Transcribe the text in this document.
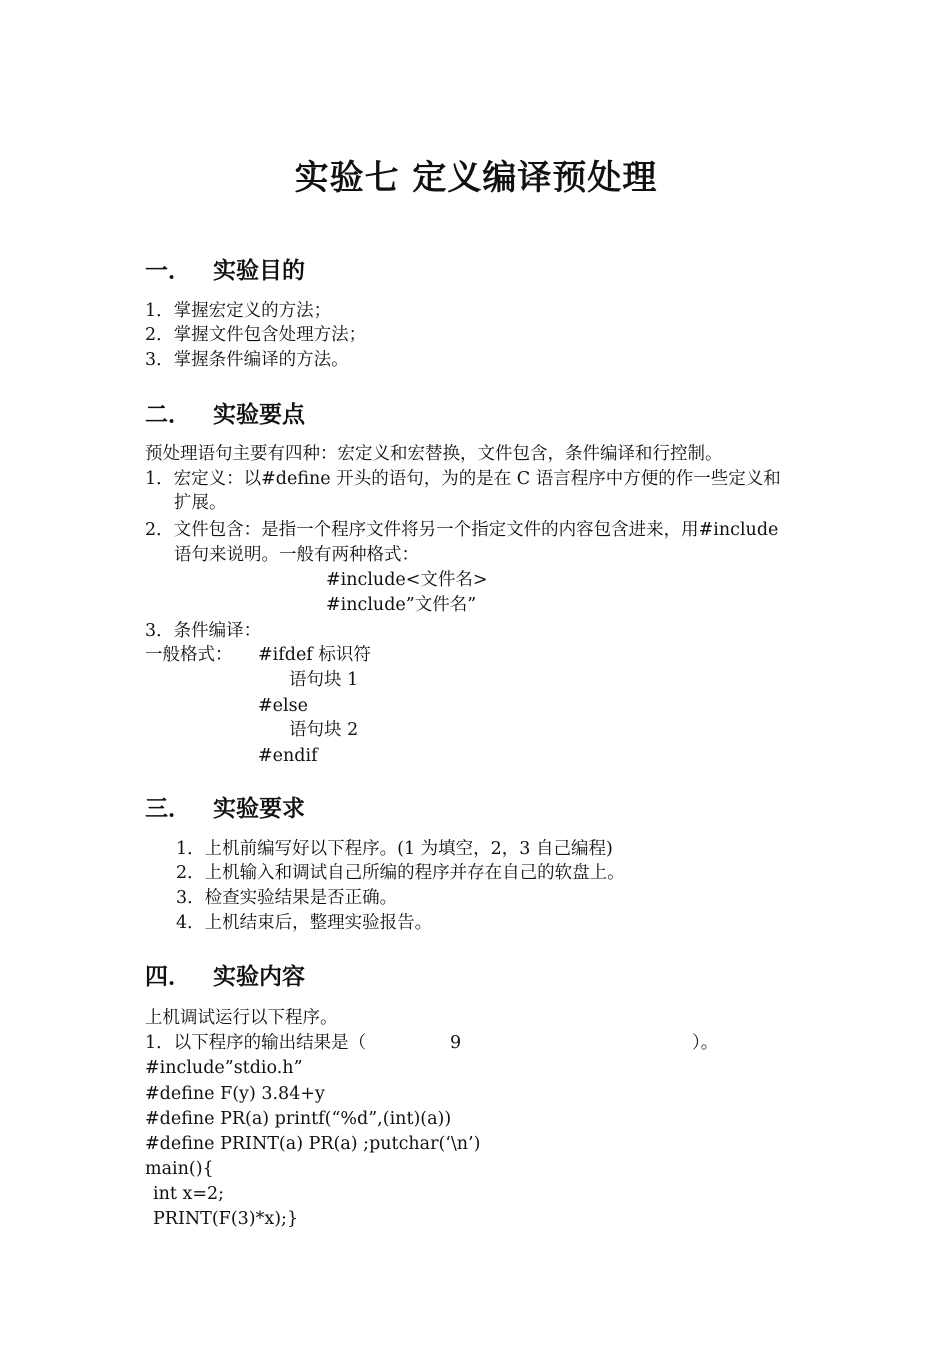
实验七 定义编译预处理
一． 实验目的
1．掌握宏定义的方法；
2．掌握文件包含处理方法；
3．掌握条件编译的方法。
二． 实验要点
预处理语句主要有四种：宏定义和宏替换，文件包含，条件编译和行控制。
1．宏定义：以#define 开头的语句，为的是在 C 语言程序中方便的作一些定义和
扩展。
2．文件包含：是指一个程序文件将另一个指定文件的内容包含进来，用#include
语句来说明。一般有两种格式：
#include<文件名>
#include”文件名”
3．条件编译：
一般格式： #ifdef 标识符
语句块 1
#else
语句块 2
#endif
三． 实验要求
1．上机前编写好以下程序。(1 为填空，2，3 自己编程)
2．上机输入和调试自己所编的程序并存在自己的软盘上。
3．检查实验结果是否正确。
4．上机结束后，整理实验报告。
四． 实验内容
上机调试运行以下程序。
1．以下程序的输出结果是（	9	）。
#include”stdio.h”
#define F(y) 3.84+y
#define PR(a) printf(“%d”,(int)(a))
#define PRINT(a) PR(a) ;putchar(‘\n’)
main(){
int x=2;
PRINT(F(3)*x);}
